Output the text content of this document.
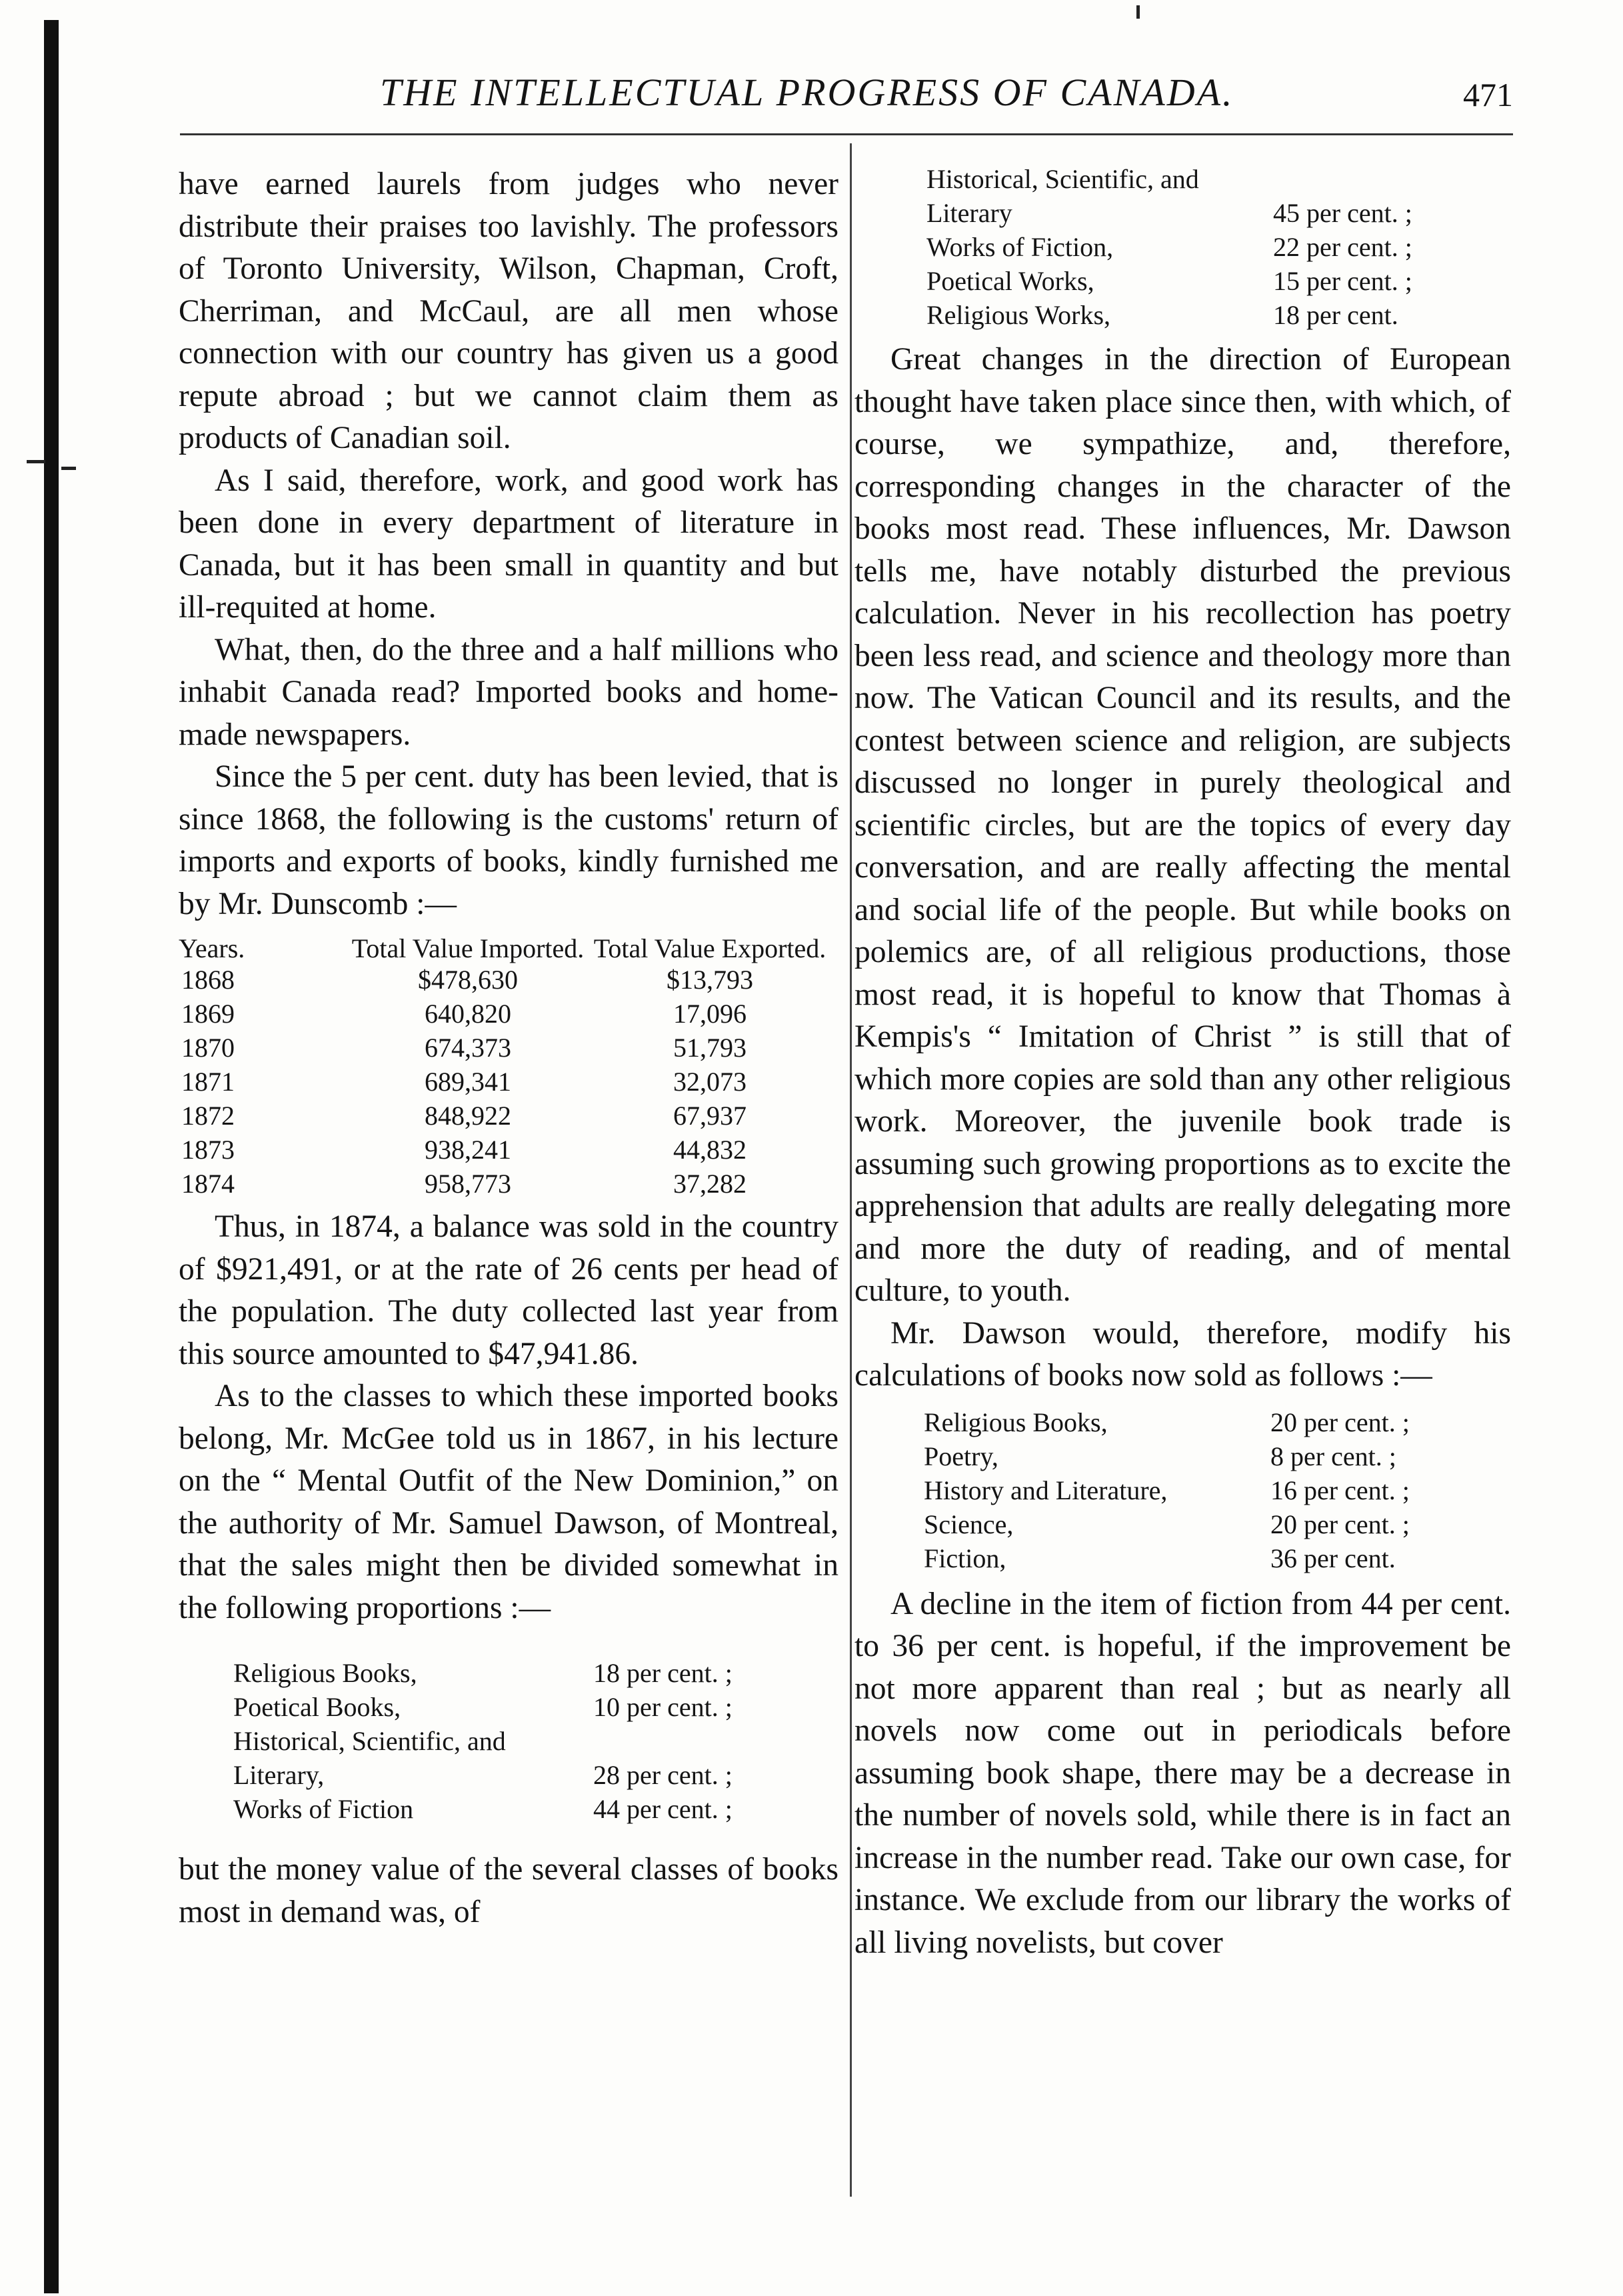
THE INTELLECTUAL PROGRESS OF CANADA.	471

have earned laurels from judges who never distribute their praises too lavishly. The professors of Toronto University, Wilson, Chapman, Croft, Cherriman, and McCaul, are all men whose connection with our country has given us a good repute abroad ; but we cannot claim them as products of Canadian soil.

As I said, therefore, work, and good work has been done in every department of literature in Canada, but it has been small in quantity and but ill-requited at home.

What, then, do the three and a half millions who inhabit Canada read? Imported books and home-made newspapers.

Since the 5 per cent. duty has been levied, that is since 1868, the following is the customs' return of imports and exports of books, kindly furnished me by Mr. Dunscomb :—

Years.	Total Value Imported.	Total Value Exported.
1868	$478,630	$13,793
1869	640,820	17,096
1870	674,373	51,793
1871	689,341	32,073
1872	848,922	67,937
1873	938,241	44,832
1874	958,773	37,282

Thus, in 1874, a balance was sold in the country of $921,491, or at the rate of 26 cents per head of the population. The duty collected last year from this source amounted to $47,941.86.

As to the classes to which these imported books belong, Mr. McGee told us in 1867, in his lecture on the “ Mental Outfit of the New Dominion,” on the authority of Mr. Samuel Dawson, of Montreal, that the sales might then be divided somewhat in the following proportions :—

Religious Books,	18 per cent. ;
Poetical Books,	10 per cent. ;
Historical, Scientific, and	
Literary,	28 per cent. ;
Works of Fiction	44 per cent. ;

but the money value of the several classes of books most in demand was, of

Historical, Scientific, and	
Literary	45 per cent. ;
Works of Fiction,	22 per cent. ;
Poetical Works,	15 per cent. ;
Religious Works,	18 per cent.

Great changes in the direction of European thought have taken place since then, with which, of course, we sympathize, and, therefore, corresponding changes in the character of the books most read. These influences, Mr. Dawson tells me, have notably disturbed the previous calculation. Never in his recollection has poetry been less read, and science and theology more than now. The Vatican Council and its results, and the contest between science and religion, are subjects discussed no longer in purely theological and scientific circles, but are the topics of every day conversation, and are really affecting the mental and social life of the people. But while books on polemics are, of all religious productions, those most read, it is hopeful to know that Thomas à Kempis's “ Imitation of Christ ” is still that of which more copies are sold than any other religious work. Moreover, the juvenile book trade is assuming such growing proportions as to excite the apprehension that adults are really delegating more and more the duty of reading, and of mental culture, to youth.

Mr. Dawson would, therefore, modify his calculations of books now sold as follows :—

Religious Books,	20 per cent. ;
Poetry,	8 per cent. ;
History and Literature,	16 per cent. ;
Science,	20 per cent. ;
Fiction,	36 per cent.

A decline in the item of fiction from 44 per cent. to 36 per cent. is hopeful, if the improvement be not more apparent than real ; but as nearly all novels now come out in periodicals before assuming book shape, there may be a decrease in the number of novels sold, while there is in fact an increase in the number read. Take our own case, for instance. We exclude from our library the works of all living novelists, but cover
